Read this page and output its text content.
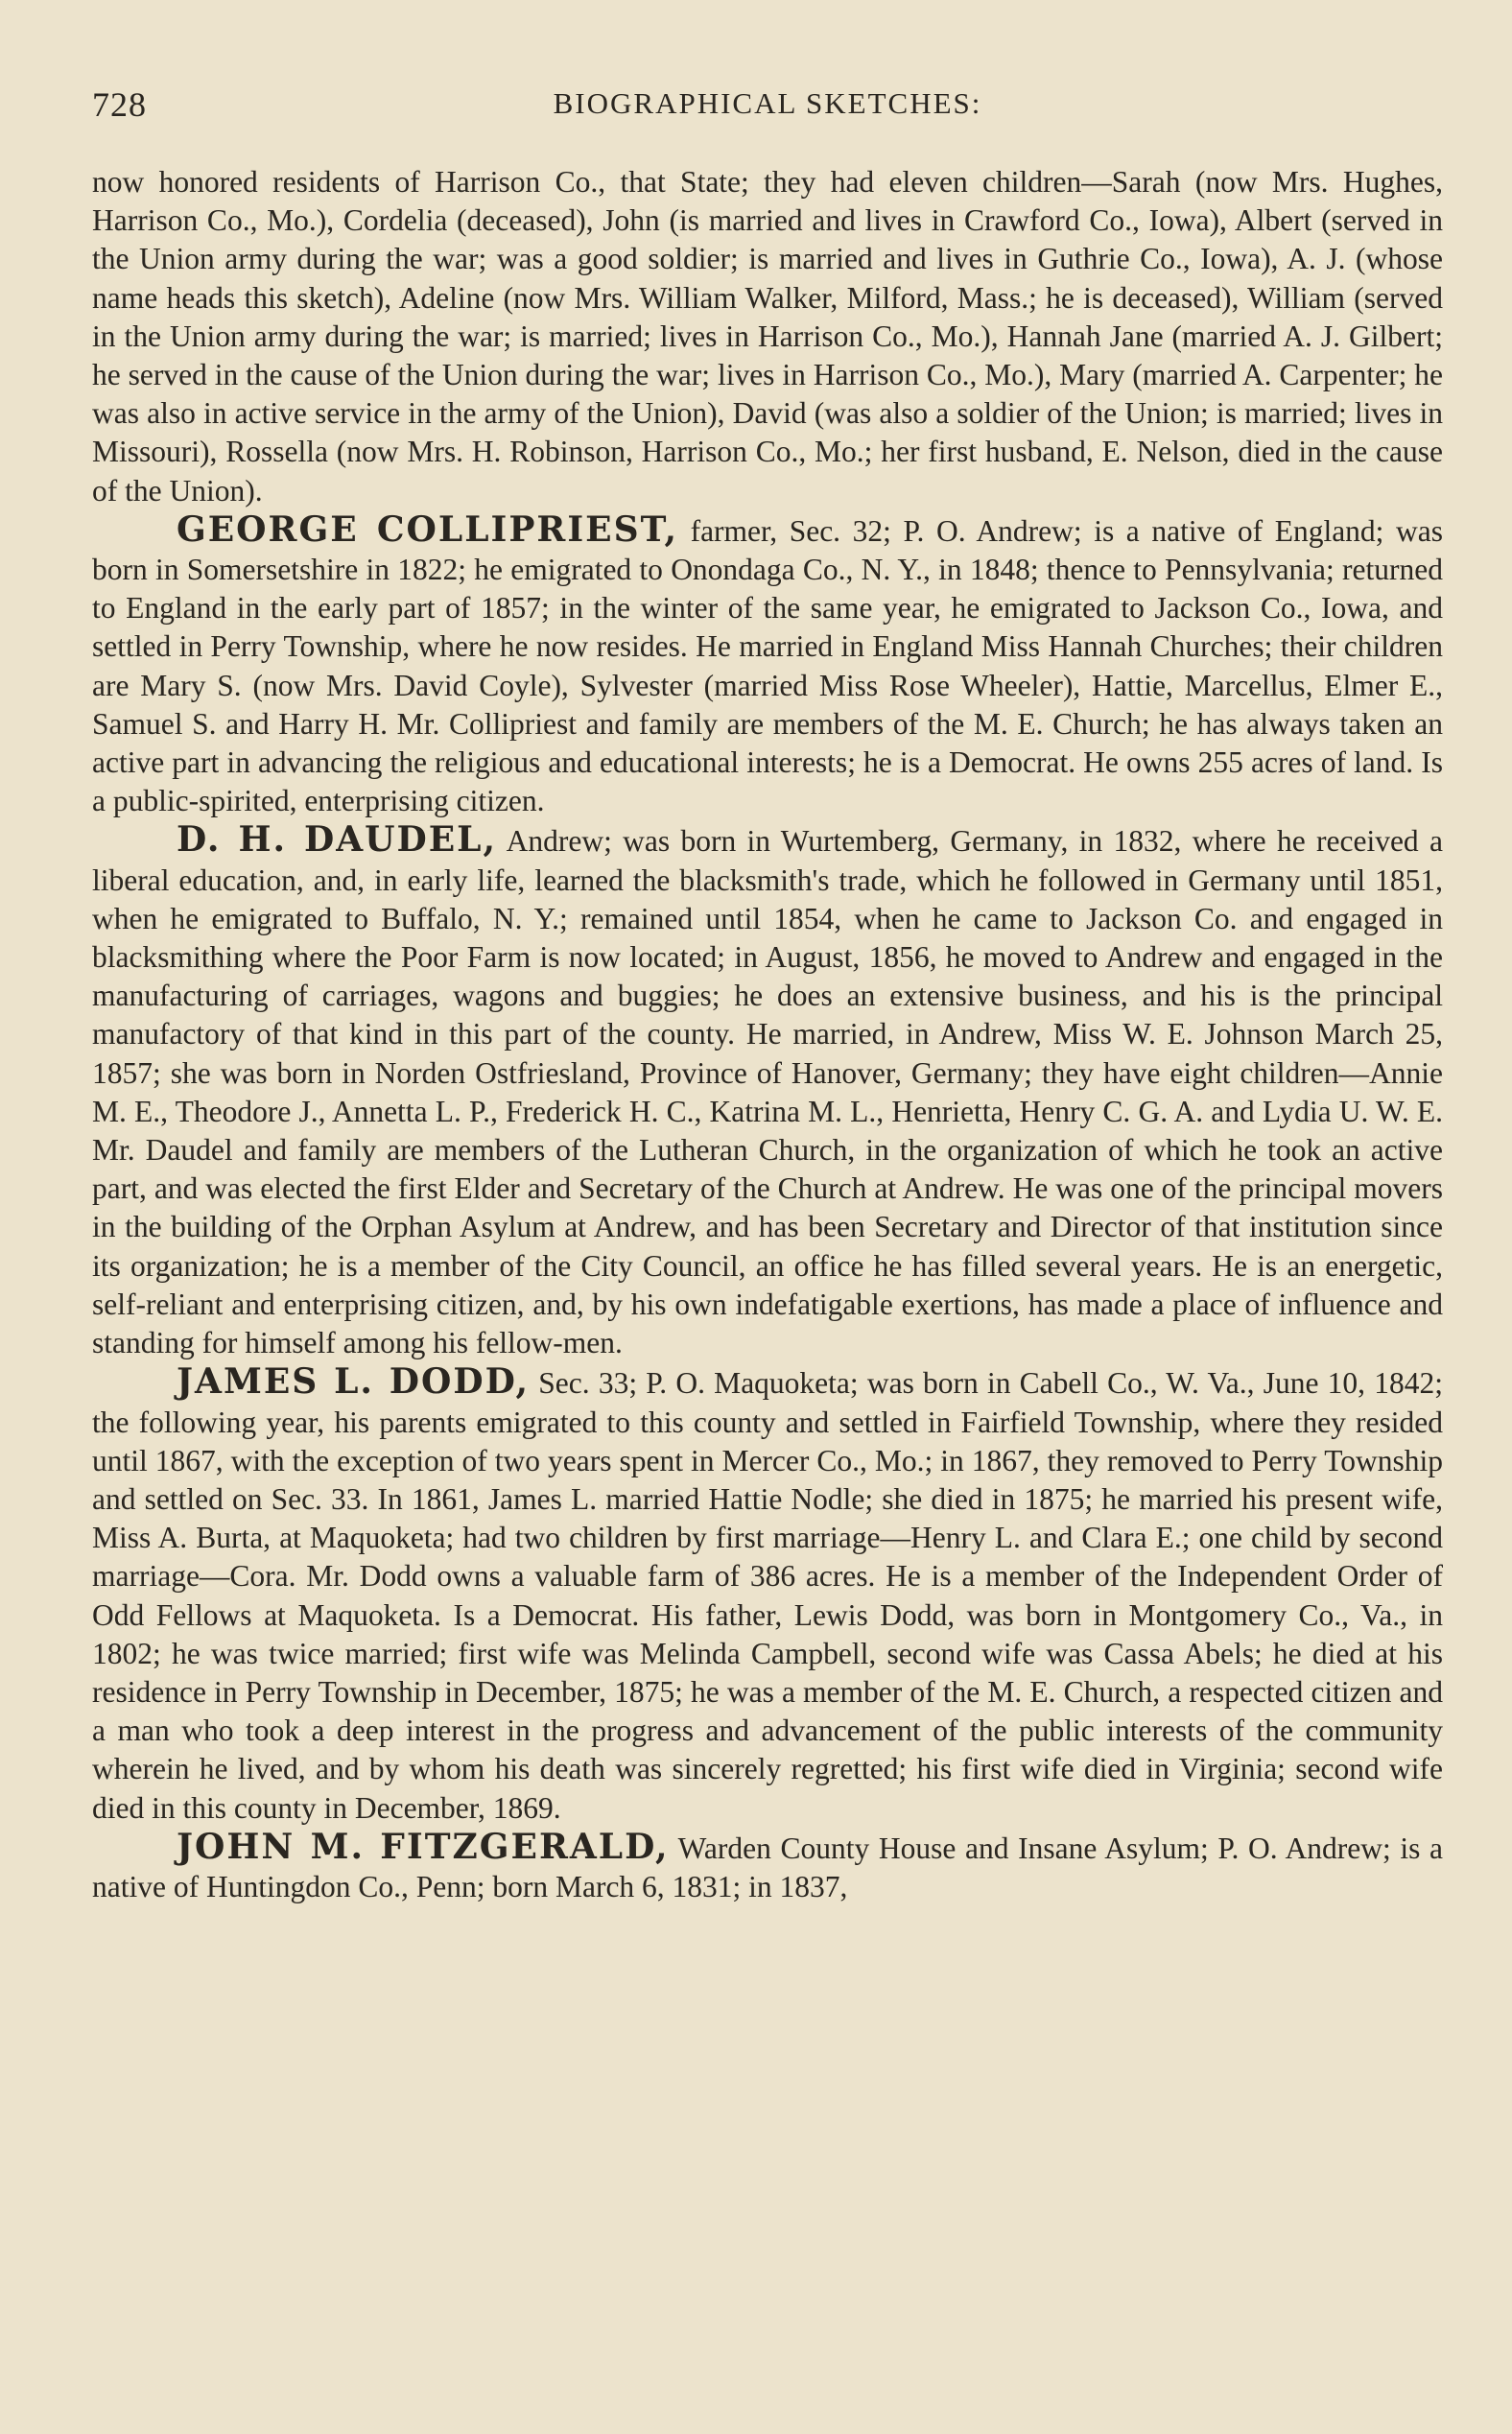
728	BIOGRAPHICAL SKETCHES:

now honored residents of Harrison Co., that State; they had eleven children—Sarah (now Mrs. Hughes, Harrison Co., Mo.), Cordelia (deceased), John (is married and lives in Crawford Co., Iowa), Albert (served in the Union army during the war; was a good soldier; is married and lives in Guthrie Co., Iowa), A. J. (whose name heads this sketch), Adeline (now Mrs. William Walker, Milford, Mass.; he is deceased), William (served in the Union army during the war; is married; lives in Harrison Co., Mo.), Hannah Jane (married A. J. Gilbert; he served in the cause of the Union during the war; lives in Harrison Co., Mo.), Mary (married A. Carpenter; he was also in active service in the army of the Union), David (was also a soldier of the Union; is married; lives in Missouri), Rossella (now Mrs. H. Robinson, Harrison Co., Mo.; her first husband, E. Nelson, died in the cause of the Union).

GEORGE COLLIPRIEST, farmer, Sec. 32; P. O. Andrew; is a native of England; was born in Somersetshire in 1822; he emigrated to Onondaga Co., N. Y., in 1848; thence to Pennsylvania; returned to England in the early part of 1857; in the winter of the same year, he emigrated to Jackson Co., Iowa, and settled in Perry Township, where he now resides. He married in England Miss Hannah Churches; their children are Mary S. (now Mrs. David Coyle), Sylvester (married Miss Rose Wheeler), Hattie, Marcellus, Elmer E., Samuel S. and Harry H. Mr. Collipriest and family are members of the M. E. Church; he has always taken an active part in advancing the religious and educational interests; he is a Democrat. He owns 255 acres of land. Is a public-spirited, enterprising citizen.

D. H. DAUDEL, Andrew; was born in Wurtemberg, Germany, in 1832, where he received a liberal education, and, in early life, learned the blacksmith's trade, which he followed in Germany until 1851, when he emigrated to Buffalo, N. Y.; remained until 1854, when he came to Jackson Co. and engaged in blacksmithing where the Poor Farm is now located; in August, 1856, he moved to Andrew and engaged in the manufacturing of carriages, wagons and buggies; he does an extensive business, and his is the principal manufactory of that kind in this part of the county. He married, in Andrew, Miss W. E. Johnson March 25, 1857; she was born in Norden Ostfriesland, Province of Hanover, Germany; they have eight children—Annie M. E., Theodore J., Annetta L. P., Frederick H. C., Katrina M. L., Henrietta, Henry C. G. A. and Lydia U. W. E. Mr. Daudel and family are members of the Lutheran Church, in the organization of which he took an active part, and was elected the first Elder and Secretary of the Church at Andrew. He was one of the principal movers in the building of the Orphan Asylum at Andrew, and has been Secretary and Director of that institution since its organization; he is a member of the City Council, an office he has filled several years. He is an energetic, self-reliant and enterprising citizen, and, by his own indefatigable exertions, has made a place of influence and standing for himself among his fellow-men.

JAMES L. DODD, Sec. 33; P. O. Maquoketa; was born in Cabell Co., W. Va., June 10, 1842; the following year, his parents emigrated to this county and settled in Fairfield Township, where they resided until 1867, with the exception of two years spent in Mercer Co., Mo.; in 1867, they removed to Perry Township and settled on Sec. 33. In 1861, James L. married Hattie Nodle; she died in 1875; he married his present wife, Miss A. Burta, at Maquoketa; had two children by first marriage—Henry L. and Clara E.; one child by second marriage—Cora. Mr. Dodd owns a valuable farm of 386 acres. He is a member of the Independent Order of Odd Fellows at Maquoketa. Is a Democrat. His father, Lewis Dodd, was born in Montgomery Co., Va., in 1802; he was twice married; first wife was Melinda Campbell, second wife was Cassa Abels; he died at his residence in Perry Township in December, 1875; he was a member of the M. E. Church, a respected citizen and a man who took a deep interest in the progress and advancement of the public interests of the community wherein he lived, and by whom his death was sincerely regretted; his first wife died in Virginia; second wife died in this county in December, 1869.

JOHN M. FITZGERALD, Warden County House and Insane Asylum; P. O. Andrew; is a native of Huntingdon Co., Penn; born March 6, 1831; in 1837,
